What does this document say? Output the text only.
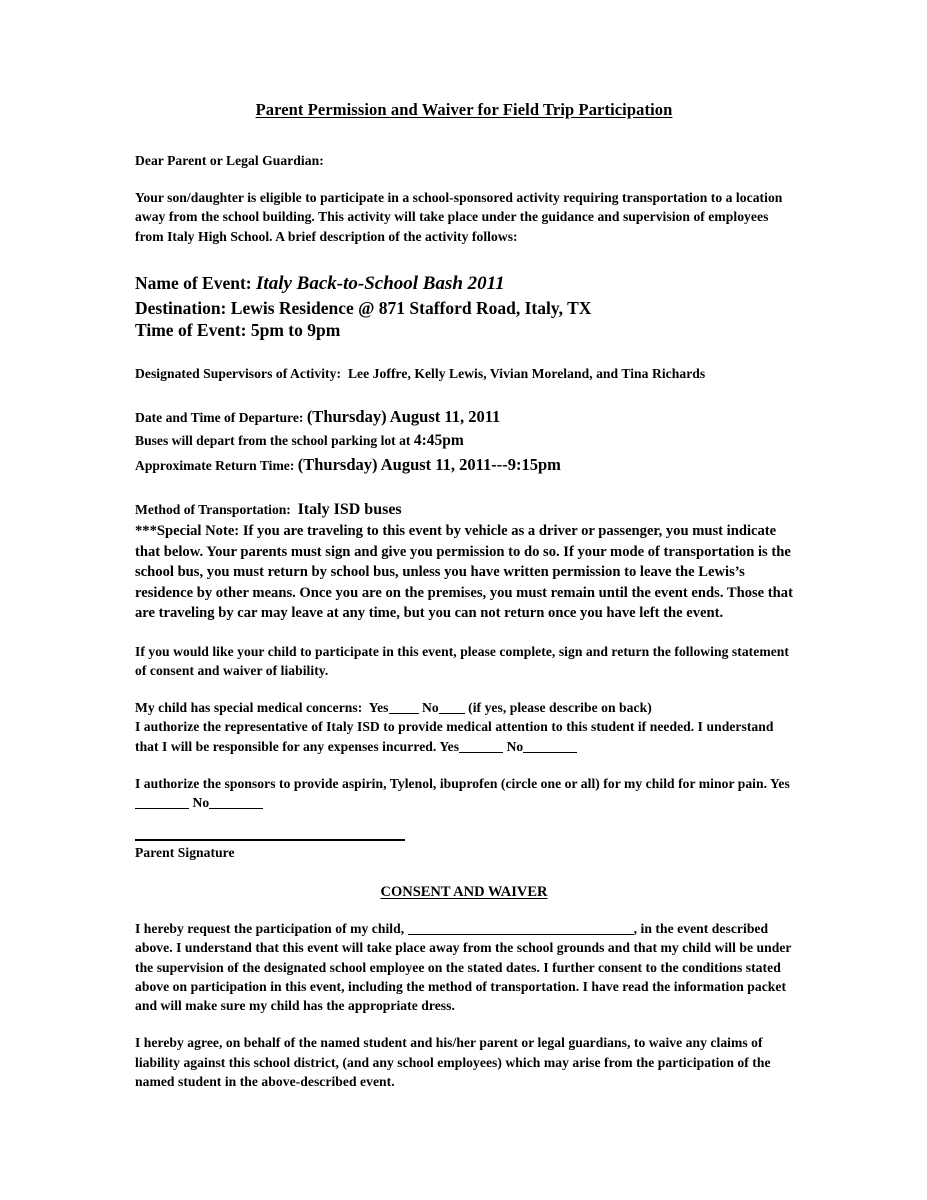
Parent Permission and Waiver for Field Trip Participation

Dear Parent or Legal Guardian:

Your son/daughter is eligible to participate in a school-sponsored activity requiring transportation to a location away from the school building. This activity will take place under the guidance and supervision of employees from Italy High School. A brief description of the activity follows:

Name of Event: Italy Back-to-School Bash 2011
Destination: Lewis Residence @ 871 Stafford Road, Italy, TX
Time of Event: 5pm to 9pm

Designated Supervisors of Activity: Lee Joffre, Kelly Lewis, Vivian Moreland, and Tina Richards

Date and Time of Departure: (Thursday) August 11, 2011
Buses will depart from the school parking lot at 4:45pm
Approximate Return Time: (Thursday) August 11, 2011---9:15pm
Method of Transportation: Italy ISD buses

***Special Note: If you are traveling to this event by vehicle as a driver or passenger, you must indicate that below. Your parents must sign and give you permission to do so. If your mode of transportation is the school bus, you must return by school bus, unless you have written permission to leave the Lewis’s residence by other means. Once you are on the premises, you must remain until the event ends. Those that are traveling by car may leave at any time, but you can not return once you have left the event.

If you would like your child to participate in this event, please complete, sign and return the following statement of consent and waiver of liability.

My child has special medical concerns: Yes No (if yes, please describe on back)

I authorize the representative of Italy ISD to provide medical attention to this student if needed. I understand that I will be responsible for any expenses incurred. Yes	No

I authorize the sponsors to provide aspirin, Tylenol, ibuprofen (circle one or all) for my child for minor pain. Yes No

Parent Signature

CONSENT AND WAIVER

I hereby request the participation of my child,	, in the event described above. I understand that this event will take place away from the school grounds and that my child will be under the supervision of the designated school employee on the stated dates. I further consent to the conditions stated above on participation in this event, including the method of transportation. I have read the information packet and will make sure my child has the appropriate dress.

I hereby agree, on behalf of the named student and his/her parent or legal guardians, to waive any claims of liability against this school district, (and any school employees) which may arise from the participation of the named student in the above-described event.
